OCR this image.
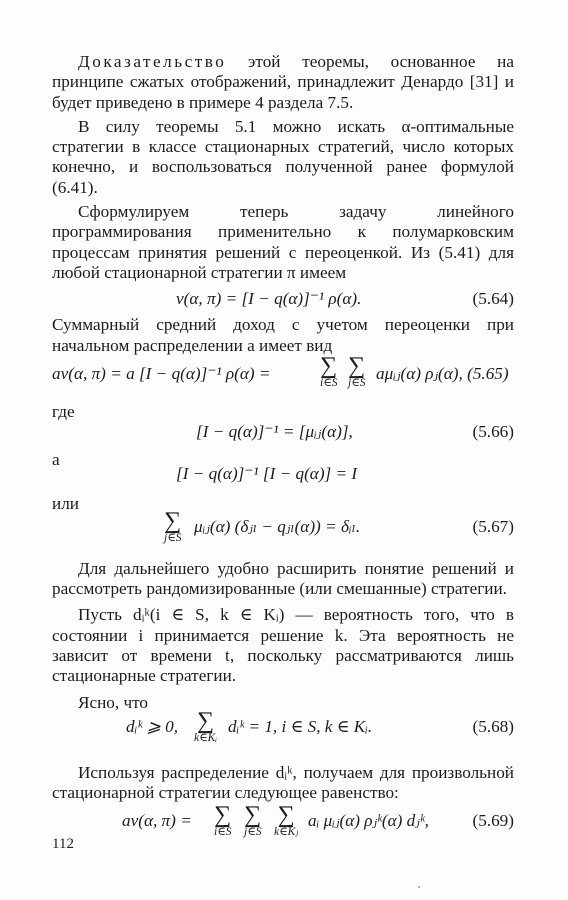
Доказательство этой теоремы, основанное на принципе сжатых отображений, принадлежит Денардо [31] и будет приведено в примере 4 раздела 7.5.

В силу теоремы 5.1 можно искать α-оптимальные стратегии в классе стационарных стратегий, число которых конечно, и воспользоваться полученной ранее формулой (6.41).

Сформулируем теперь задачу линейного программирования применительно к полумарковским процессам принятия решений с переоценкой. Из (5.41) для любой стационарной стратегии π имеем

v(α, π) = [I − q(α)]⁻¹ ρ(α).	(5.64)

Суммарный средний доход с учетом переоценки при начальном распределении a имеет вид

av(α, π) = a [I − q(α)]⁻¹ ρ(α) = ∑
i∈S
∑
j∈S aμᵢⱼ(α) ρⱼ(α), (5.65)

где

[I − q(α)]⁻¹ = [μᵢⱼ(α)],	(5.66)

а

[I − q(α)]⁻¹ [I − q(α)] = I

или

∑
j∈S
μᵢⱼ(α) (δⱼₗ − qⱼₗ(α)) = δᵢₗ.	(5.67)

Для дальнейшего удобно расширить понятие решений и рассмотреть рандомизированные (или смешанные) стратегии.

Пусть dᵢᵏ(i ∈ S, k ∈ Kᵢ) — вероятность того, что в состоянии i принимается решение k. Эта вероятность не зависит от времени t, поскольку рассматриваются лишь стационарные стратегии.

Ясно, что

dᵢᵏ ⩾ 0, ∑
k∈Kᵢ
dᵢᵏ = 1, i ∈ S, k ∈ Kᵢ.	(5.68)

Используя распределение dᵢᵏ, получаем для произвольной стационарной стратегии следующее равенство:

av(α, π) = ∑
i∈S
∑
j∈S
∑
k∈Kⱼ
aᵢ μᵢⱼ(α) ρⱼᵏ(α) dⱼᵏ,	(5.69)
112
